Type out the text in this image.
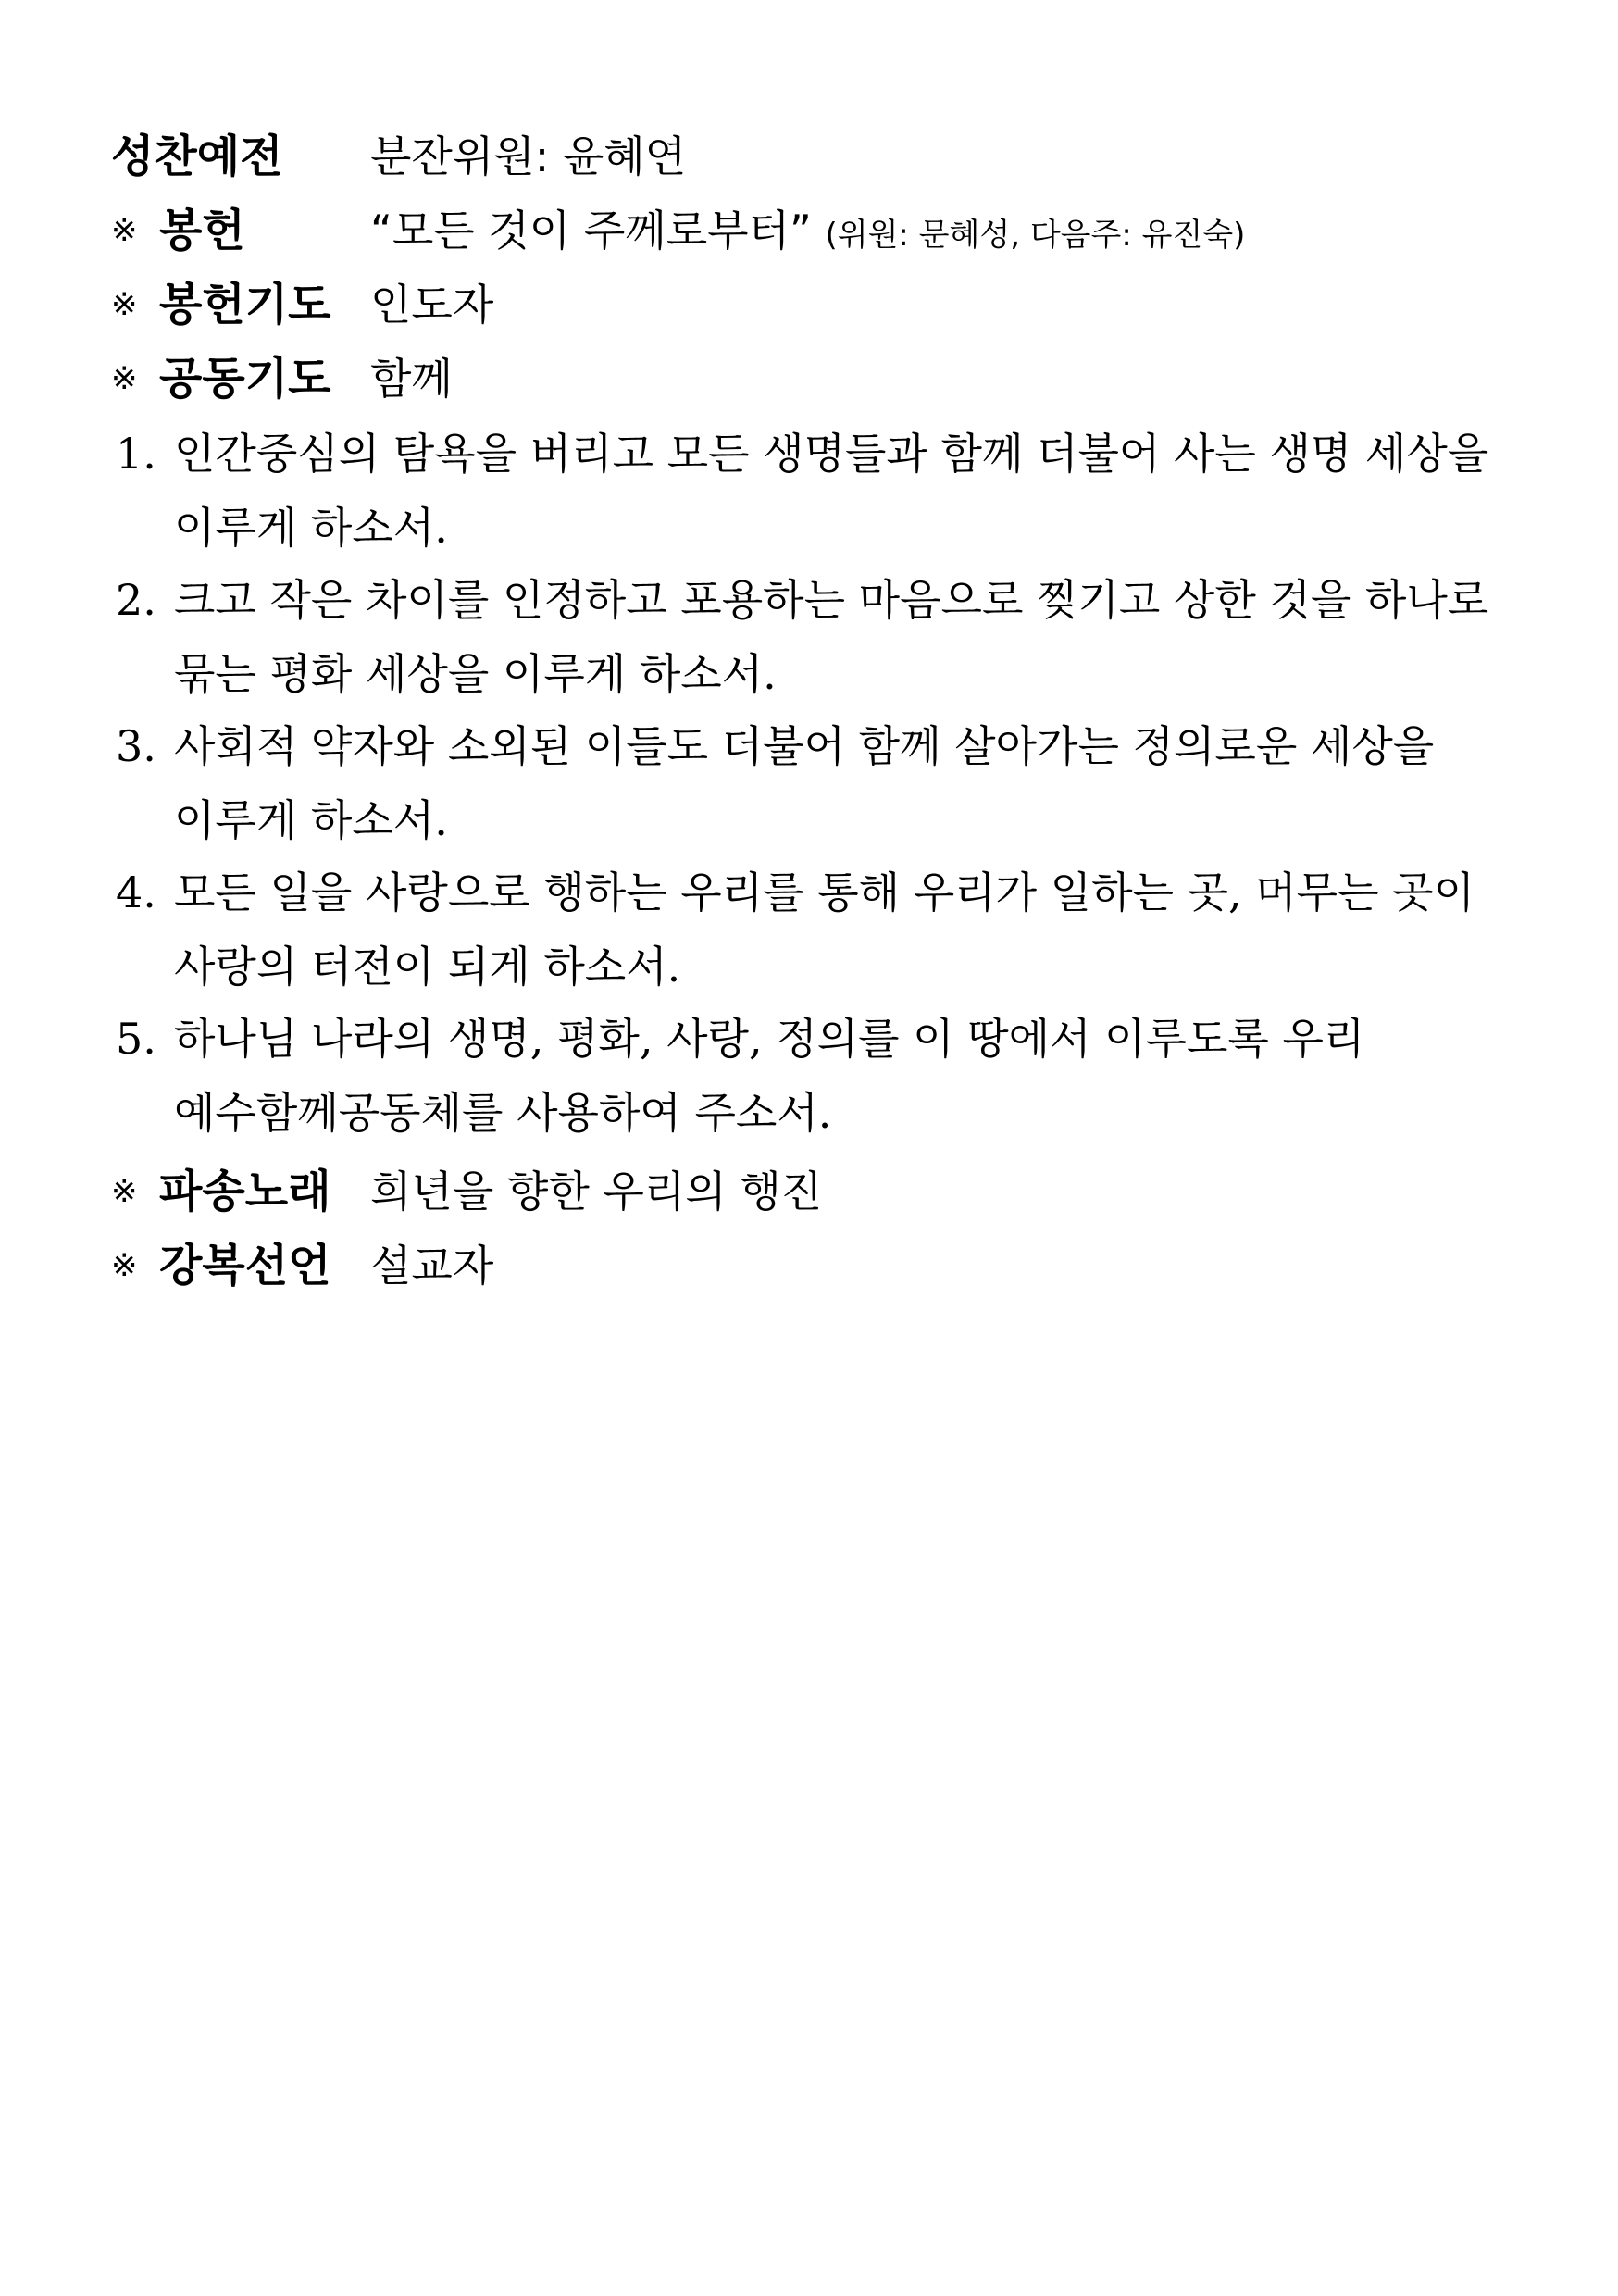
성찬예전 분잔위원: 윤혜연
※ 봉헌	“모든 것이 주께로부터” (위원: 문혜성, 다음주: 유진숙)
※ 봉헌기도 인도자
※ 공동기도 함께
1. 인간중심의 탐욕을 버리고 모든 생명들과 함께 더불어 사는 생명 세상을
이루게 하소서.
2. 크고 작은 차이를 인정하고 포용하는 마음으로 찢기고 상한 것을 하나로
묶는 평화 세상을 이루게 하소서.
3. 사회적 약자와 소외된 이들도 더불어 함께 살아가는 정의로운 세상을
이루게 하소서.
4. 모든 일을 사랑으로 행하는 우리를 통해 우리가 일하는 곳, 머무는 곳이
사랑의 터전이 되게 하소서.
5. 하나님 나라의 생명, 평화, 사랑, 정의를 이 땅에서 이루도록 우리
예수함께공동체를 사용하여 주소서.
※ 파송노래 희년을 향한 우리의 행진
※ 강복선언 설교자
